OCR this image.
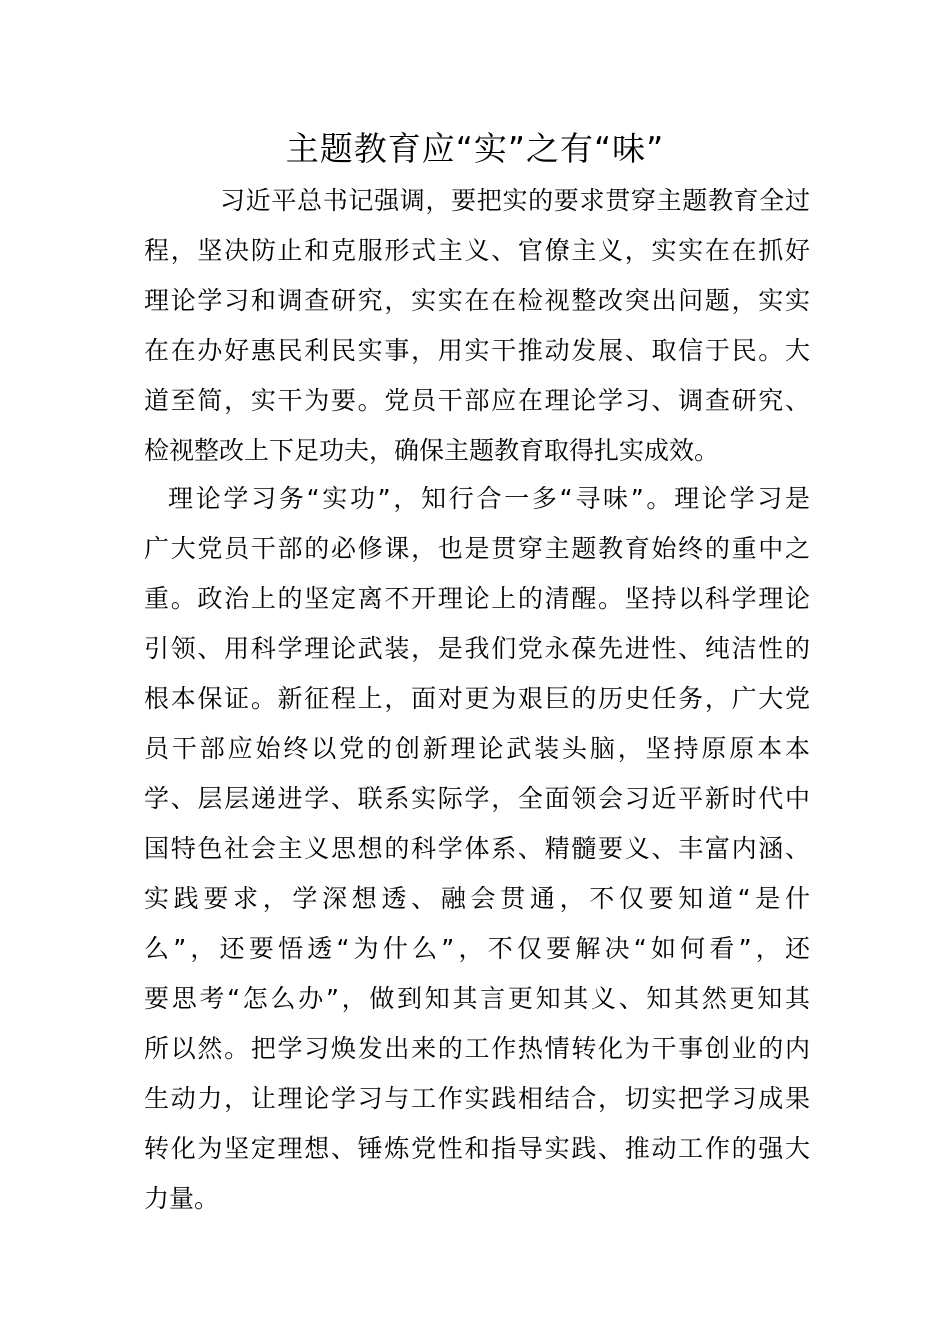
主题教育应“实”之有“味”
习近平总书记强调，要把实的要求贯穿主题教育全过
程，坚决防止和克服形式主义、官僚主义，实实在在抓好
理论学习和调查研究，实实在在检视整改突出问题，实实
在在办好惠民利民实事，用实干推动发展、取信于民。大
道至简，实干为要。党员干部应在理论学习、调查研究、
检视整改上下足功夫，确保主题教育取得扎实成效。
理论学习务“实功”，知行合一多“寻味”。理论学习是
广大党员干部的必修课，也是贯穿主题教育始终的重中之
重。政治上的坚定离不开理论上的清醒。坚持以科学理论
引领、用科学理论武装，是我们党永葆先进性、纯洁性的
根本保证。新征程上，面对更为艰巨的历史任务，广大党
员干部应始终以党的创新理论武装头脑，坚持原原本本
学、层层递进学、联系实际学，全面领会习近平新时代中
国特色社会主义思想的科学体系、精髓要义、丰富内涵、
实践要求，学深想透、融会贯通，不仅要知道“是什
么”，还要悟透“为什么”，不仅要解决“如何看”，还
要思考“怎么办”，做到知其言更知其义、知其然更知其
所以然。把学习焕发出来的工作热情转化为干事创业的内
生动力，让理论学习与工作实践相结合，切实把学习成果
转化为坚定理想、锤炼党性和指导实践、推动工作的强大
力量。
